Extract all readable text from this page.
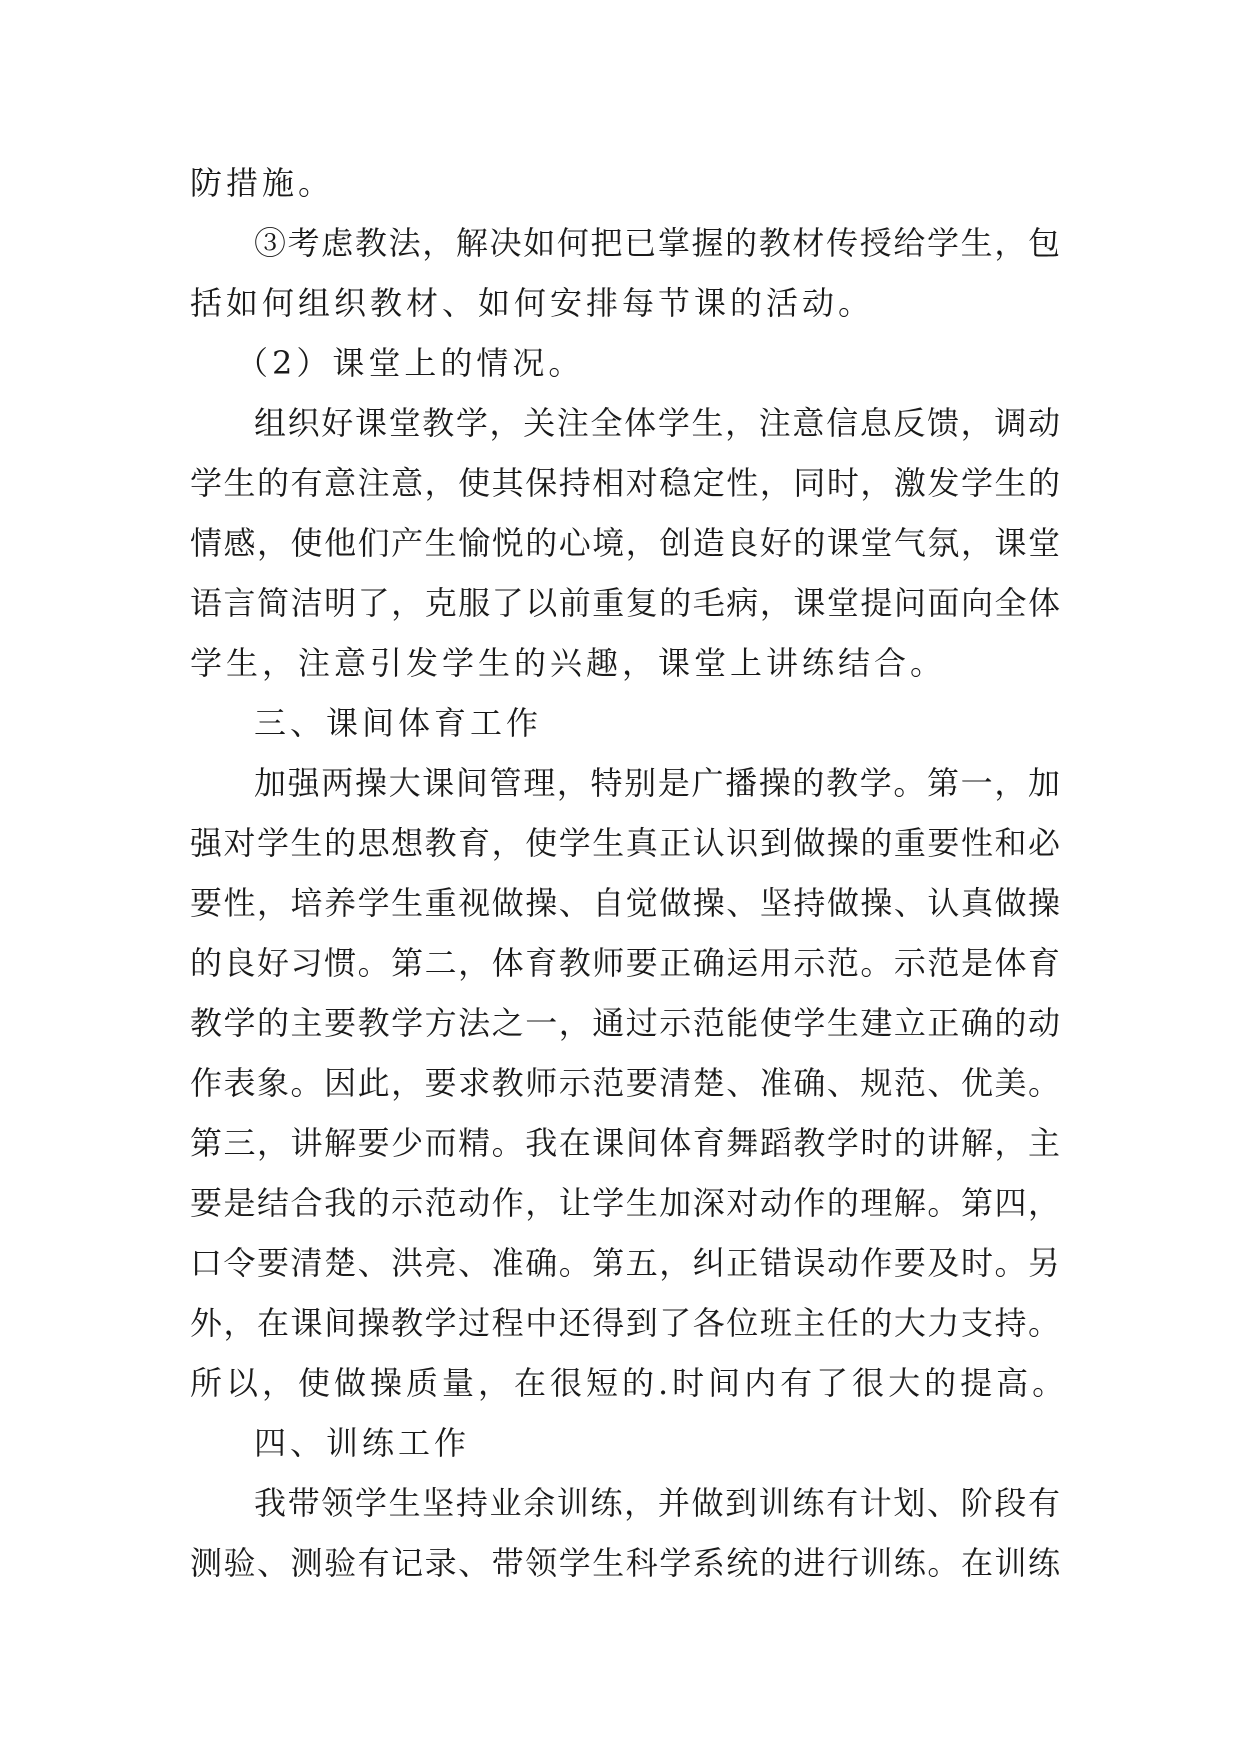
防措施。
③考虑教法，解决如何把已掌握的教材传授给学生，包
括如何组织教材、如何安排每节课的活动。
（2）课堂上的情况。
组织好课堂教学，关注全体学生，注意信息反馈，调动
学生的有意注意，使其保持相对稳定性，同时，激发学生的
情感，使他们产生愉悦的心境，创造良好的课堂气氛，课堂
语言简洁明了，克服了以前重复的毛病，课堂提问面向全体
学生，注意引发学生的兴趣，课堂上讲练结合。
三、课间体育工作
加强两操大课间管理，特别是广播操的教学。第一，加
强对学生的思想教育，使学生真正认识到做操的重要性和必
要性，培养学生重视做操、自觉做操、坚持做操、认真做操
的良好习惯。第二，体育教师要正确运用示范。示范是体育
教学的主要教学方法之一，通过示范能使学生建立正确的动
作表象。因此，要求教师示范要清楚、准确、规范、优美。
第三，讲解要少而精。我在课间体育舞蹈教学时的讲解，主
要是结合我的示范动作，让学生加深对动作的理解。第四，
口令要清楚、洪亮、准确。第五，纠正错误动作要及时。另
外，在课间操教学过程中还得到了各位班主任的大力支持。
所以，使做操质量，在很短的.时间内有了很大的提高。
四、训练工作
我带领学生坚持业余训练，并做到训练有计划、阶段有
测验、测验有记录、带领学生科学系统的进行训练。在训练
